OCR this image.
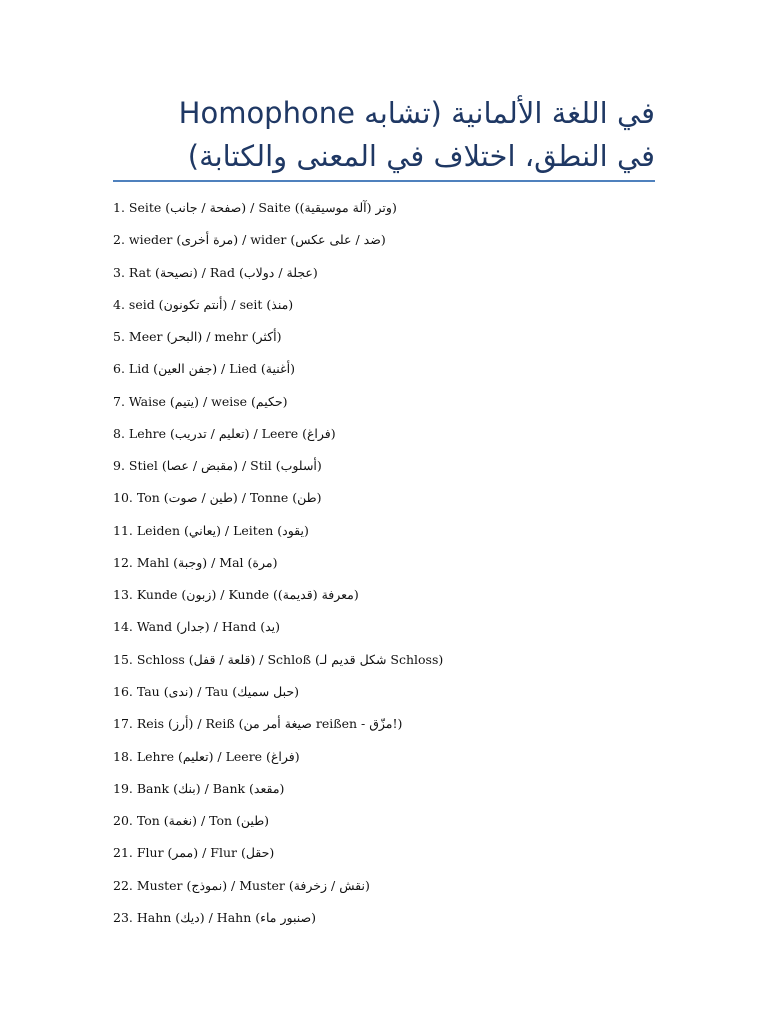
في اللغة الألمانية (تشابه Homophone
في النطق، اختلاف في المعنى والكتابة)
1. Seite (صفحة / جانب) / Saite ((آلة موسيقية) وتر)
2. wieder (مرة أخرى) / wider (ضد / على عكس)
3. Rat (نصيحة) / Rad (عجلة / دولاب)
4. seid (أنتم تكونون) / seit (منذ)
5. Meer (البحر) / mehr (أكثر)
6. Lid (جفن العين) / Lied (أغنية)
7. Waise (يتيم) / weise (حكيم)
8. Lehre (تعليم / تدريب) / Leere (فراغ)
9. Stiel (مقبض / عصا) / Stil (أسلوب)
10. Ton (طين / صوت) / Tonne (طن)
11. Leiden (يعاني) / Leiten (يقود)
12. Mahl (وجبة) / Mal (مرة)
13. Kunde (زبون) / Kunde ((قديمة) معرفة)
14. Wand (جدار) / Hand (يد)
15. Schloss (قلعة / قفل) / Schloß (شكل قديم لـ Schloss)
16. Tau (ندى) / Tau (حبل سميك)
17. Reis (أرز) / Reiß (صيغة أمر من reißen - مزّق!)
18. Lehre (تعليم) / Leere (فراغ)
19. Bank (بنك) / Bank (مقعد)
20. Ton (نغمة) / Ton (طين)
21. Flur (ممر) / Flur (حقل)
22. Muster (نموذج) / Muster (نقش / زخرفة)
23. Hahn (ديك) / Hahn (صنبور ماء)
